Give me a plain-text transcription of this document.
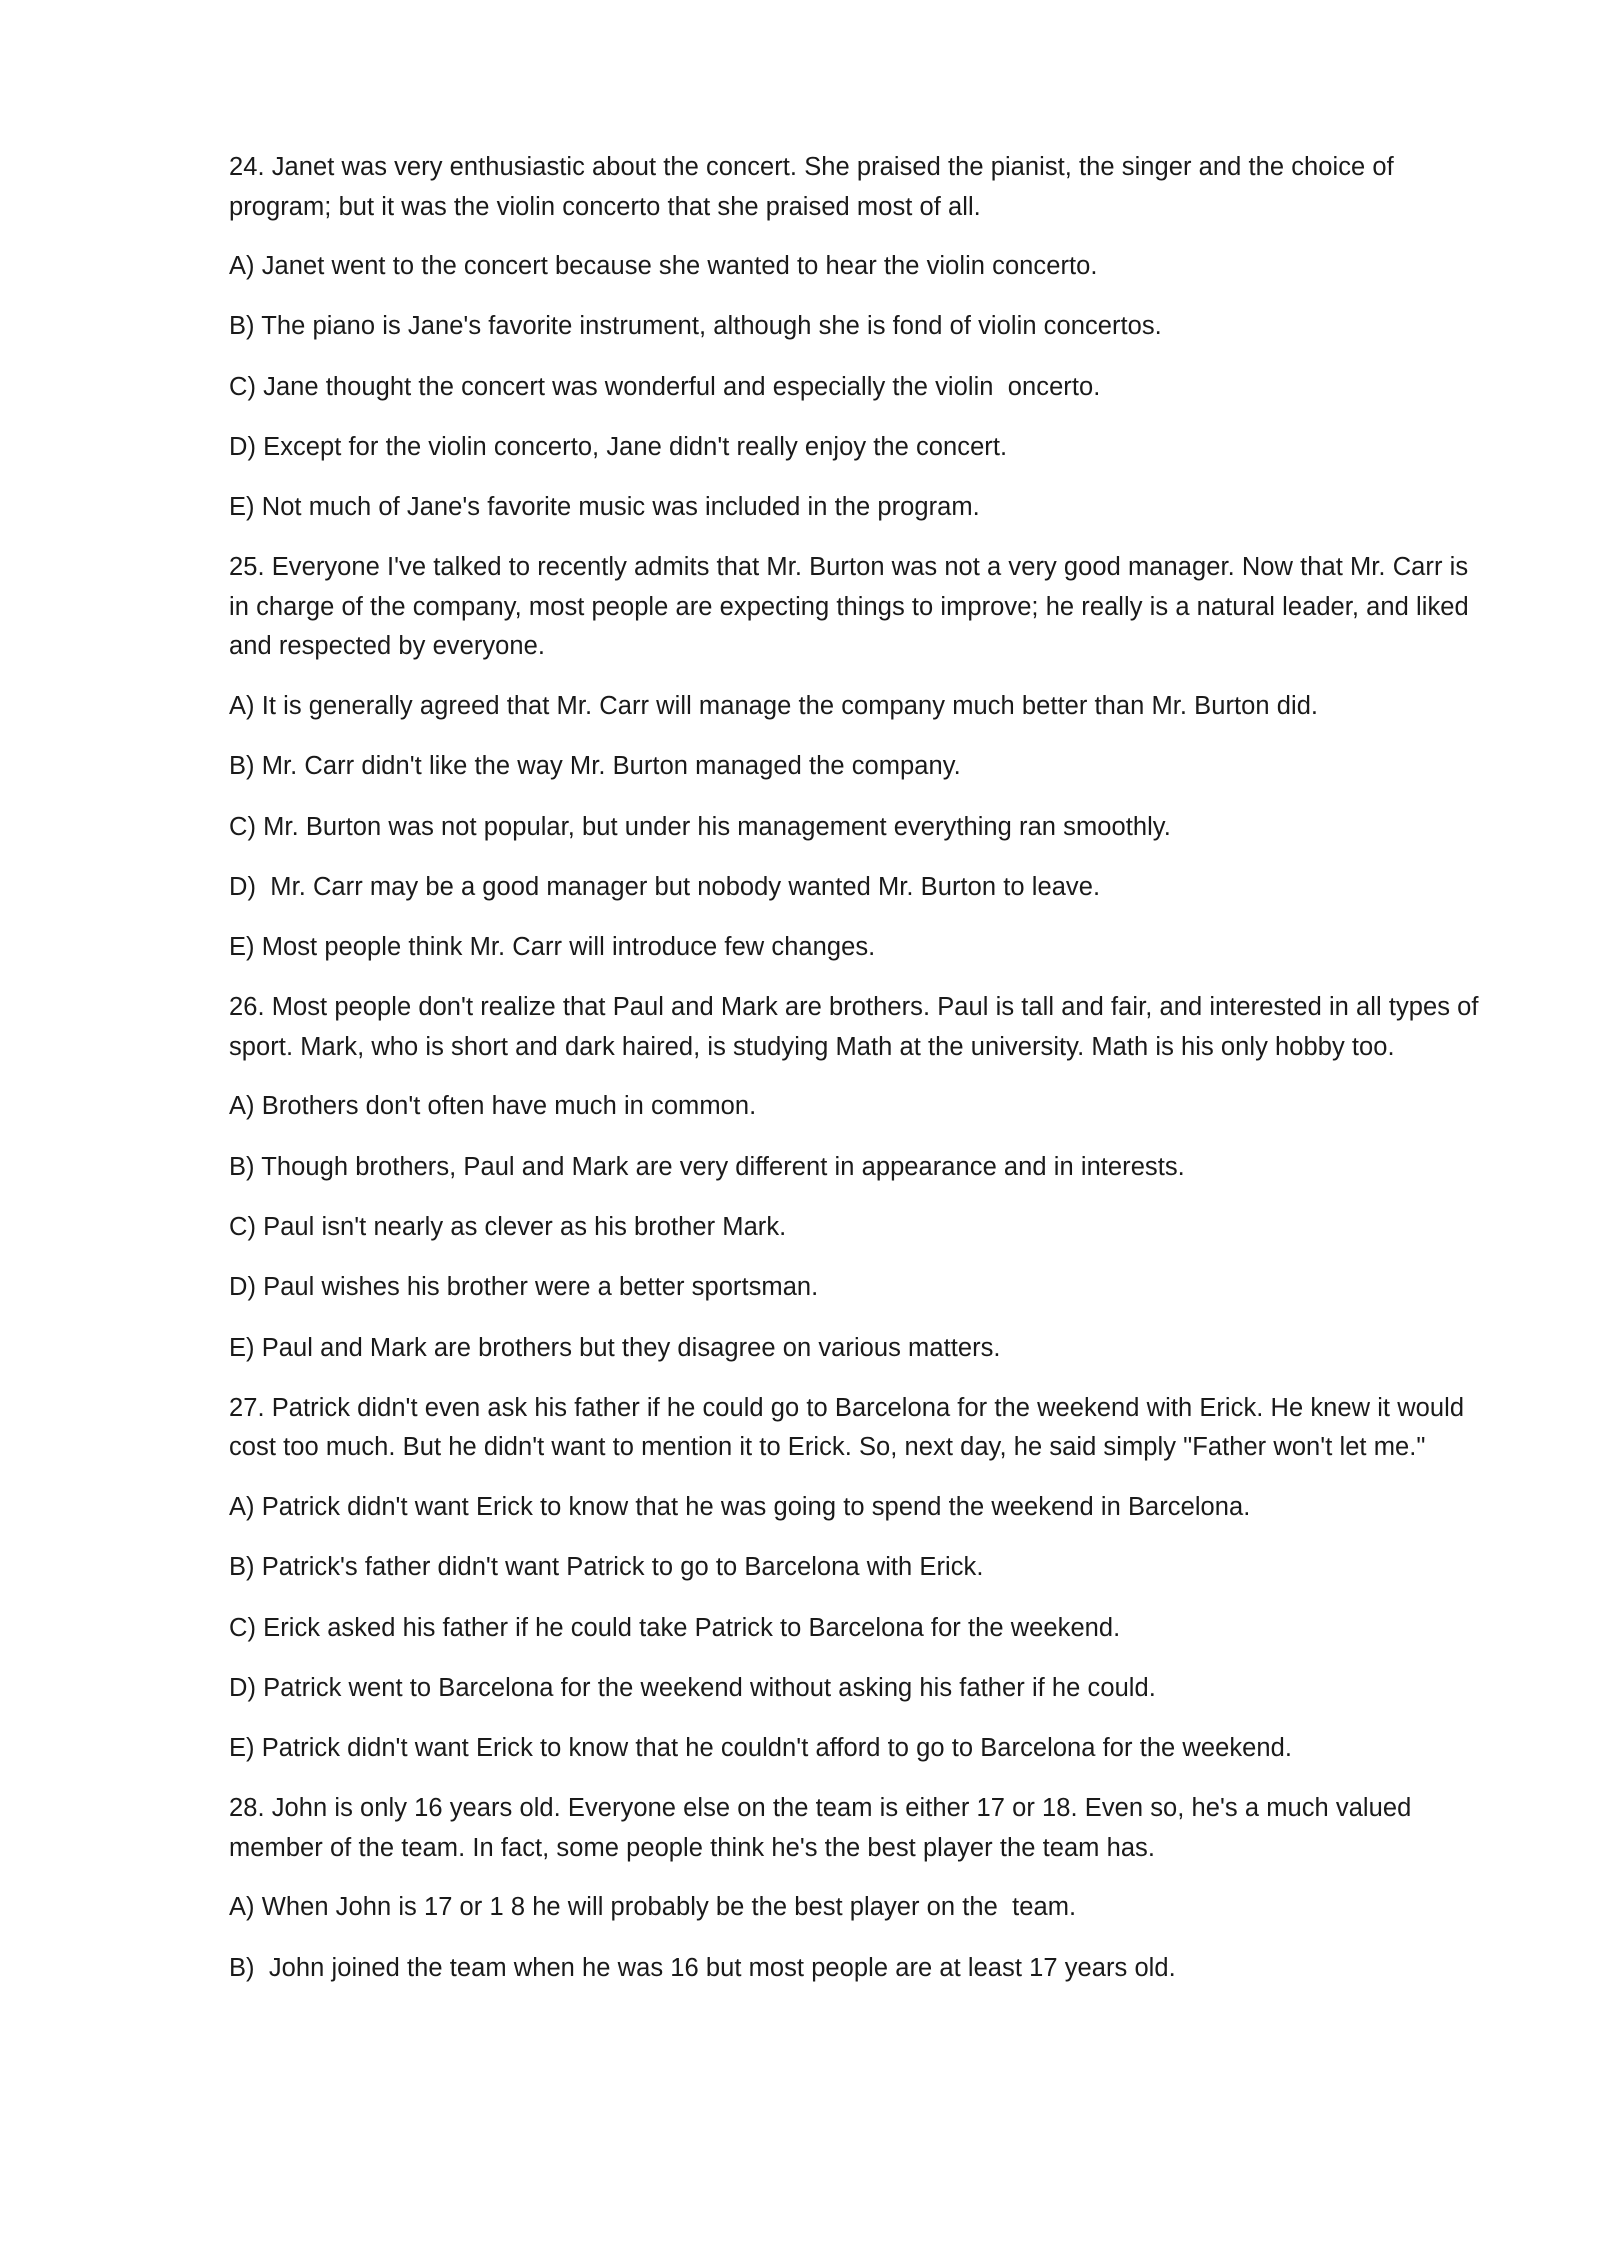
24. Janet was very enthusiastic about the concert. She praised the pianist, the singer and the choice of program; but it was the violin concerto that she praised most of all.

A) Janet went to the concert because she wanted to hear the violin concerto.

B) The piano is Jane's favorite instrument, although she is fond of violin concertos.

C) Jane thought the concert was wonderful and especially the violin  oncerto.

D) Except for the violin concerto, Jane didn't really enjoy the concert.

E) Not much of Jane's favorite music was included in the program.

25. Everyone I've talked to recently admits that Mr. Burton was not a very good manager. Now that Mr. Carr is in charge of the company, most people are expecting things to improve; he really is a natural leader, and liked and respected by everyone.

A) It is generally agreed that Mr. Carr will manage the company much better than Mr. Burton did.

B) Mr. Carr didn't like the way Mr. Burton managed the company.

C) Mr. Burton was not popular, but under his management everything ran smoothly.

D)  Mr. Carr may be a good manager but nobody wanted Mr. Burton to leave.

E) Most people think Mr. Carr will introduce few changes.

26. Most people don't realize that Paul and Mark are brothers. Paul is tall and fair, and interested in all types of sport. Mark, who is short and dark haired, is studying Math at the university. Math is his only hobby too.

A) Brothers don't often have much in common.

B) Though brothers, Paul and Mark are very different in appearance and in interests.

C) Paul isn't nearly as clever as his brother Mark.

D) Paul wishes his brother were a better sportsman.

E) Paul and Mark are brothers but they disagree on various matters.

27. Patrick didn't even ask his father if he could go to Barcelona for the weekend with Erick. He knew it would cost too much. But he didn't want to mention it to Erick. So, next day, he said simply "Father won't let me."

A) Patrick didn't want Erick to know that he was going to spend the weekend in Barcelona.

B) Patrick's father didn't want Patrick to go to Barcelona with Erick.

C) Erick asked his father if he could take Patrick to Barcelona for the weekend.

D) Patrick went to Barcelona for the weekend without asking his father if he could.

E) Patrick didn't want Erick to know that he couldn't afford to go to Barcelona for the weekend.

28. John is only 16 years old. Everyone else on the team is either 17 or 18. Even so, he's a much valued member of the team. In fact, some people think he's the best player the team has.

A) When John is 17 or 1 8 he will probably be the best player on the  team.

B)  John joined the team when he was 16 but most people are at least 17 years old.
